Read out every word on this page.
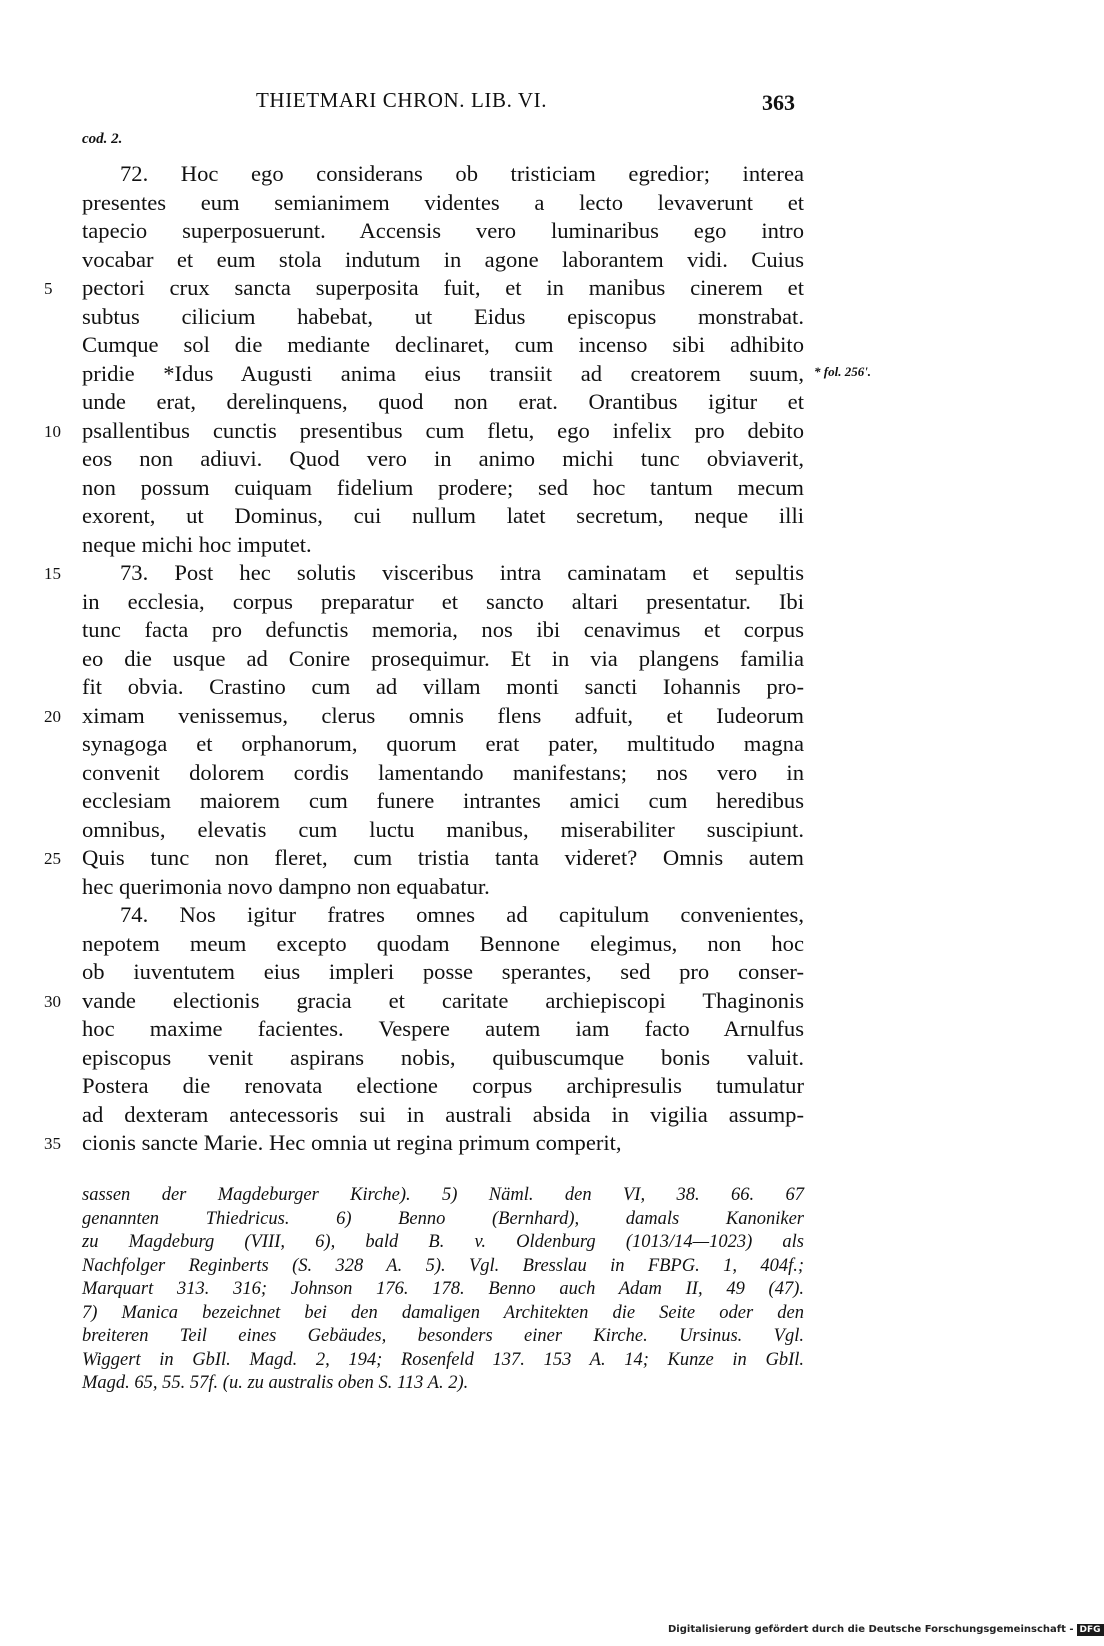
THIETMARI CHRON. LIB. VI.	363
cod. 2.
* fol. 256'.
72. Hoc ego considerans ob tristiciam egredior; interea
presentes eum semianimem videntes a lecto levaverunt et
tapecio superposuerunt. Accensis vero luminaribus ego intro
vocabar et eum stola indutum in agone laborantem vidi. Cuius
5	pectori crux sancta superposita fuit, et in manibus cinerem et
subtus cilicium habebat, ut Eidus episcopus monstrabat.
Cumque sol die mediante declinaret, cum incenso sibi adhibito
pridie *Idus Augusti anima eius transiit ad creatorem suum,
unde erat, derelinquens, quod non erat. Orantibus igitur et
10 psallentibus cunctis presentibus cum fletu, ego infelix pro debito
eos non adiuvi. Quod vero in animo michi tunc obviaverit,
non possum cuiquam fidelium prodere; sed hoc tantum mecum
exorent, ut Dominus, cui nullum latet secretum, neque illi
neque michi hoc imputet.
15	73. Post hec solutis visceribus intra caminatam et sepultis
in ecclesia, corpus preparatur et sancto altari presentatur. Ibi
tunc facta pro defunctis memoria, nos ibi cenavimus et corpus
eo die usque ad Conire prosequimur. Et in via plangens familia
fit obvia. Crastino cum ad villam monti sancti Iohannis pro-
20 ximam venissemus, clerus omnis flens adfuit, et Iudeorum
synagoga et orphanorum, quorum erat pater, multitudo magna
convenit dolorem cordis lamentando manifestans; nos vero in
ecclesiam maiorem cum funere intrantes amici cum heredibus
omnibus, elevatis cum luctu manibus, miserabiliter suscipiunt.
25 Quis tunc non fleret, cum tristia tanta videret? Omnis autem
hec querimonia novo dampno non equabatur.
74. Nos igitur fratres omnes ad capitulum convenientes,
nepotem meum excepto quodam Bennone elegimus, non hoc
ob iuventutem eius impleri posse sperantes, sed pro conser-
30 vande electionis gracia et caritate archiepiscopi Thaginonis
hoc maxime facientes. Vespere autem iam facto Arnulfus
episcopus venit aspirans nobis, quibuscumque bonis valuit.
Postera die renovata electione corpus archipresulis tumulatur
ad dexteram antecessoris sui in australi absida in vigilia assump-
35 cionis sancte Marie. Hec omnia ut regina primum comperit,
sassen der Magdeburger Kirche). 5) Näml. den VI, 38. 66. 67
genannten Thiedricus. 6) Benno (Bernhard), damals Kanoniker
zu Magdeburg (VIII, 6), bald B. v. Oldenburg (1013/14—1023) als
Nachfolger Reginberts (S. 328 A. 5). Vgl. Bresslau in FBPG. 1, 404f.;
Marquart 313. 316; Johnson 176. 178. Benno auch Adam II, 49 (47).
7) Manica bezeichnet bei den damaligen Architekten die Seite oder den
breiteren Teil eines Gebäudes, besonders einer Kirche. Ursinus. Vgl.
Wiggert in GbIl. Magd. 2, 194; Rosenfeld 137. 153 A. 14; Kunze in GbIl.
Magd. 65, 55. 57f. (u. zu australis oben S. 113 A. 2).
Digitalisierung gefördert durch die Deutsche Forschungsgemeinschaft - DFG
